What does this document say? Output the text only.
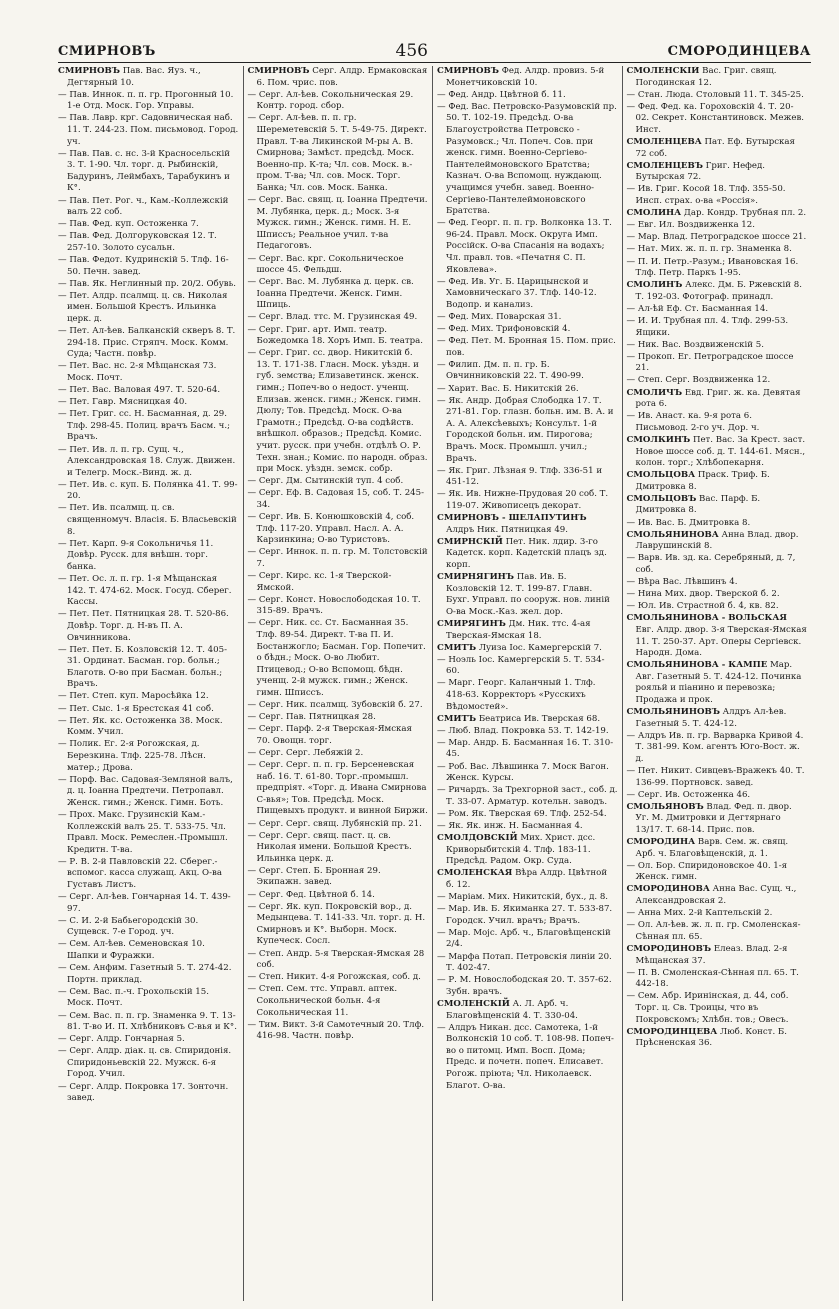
СМИРНОВЪ	456	СМОРОДИНЦЕВА
СМИРНОВЪ Пав. Вас. Яуз. ч., Дегтярный 10.
— Пав. Иннок. п. п. гр. Прогонный 10. 1-е Отд. Моск. Гор. Управы.
— Пав. Лавр. крг. Садовническая наб. 11. Т. 244-23. Пом. письмовод. Город. уч.
— Пав. Пав. с. нс. 3-й Красносельскій 3. Т. 1-90. Чл. торг. д. Рыбинскій, Бадуринъ, Леймбахъ, Тарабукинъ и К°.
— Пав. Пет. Рог. ч., Кам.-Коллежскій валъ 22 соб.
— Пав. Фед. куп. Остоженка 7.
— Пав. Фед. Долгоруковская 12. Т. 257-10. Золото сусальн.
— Пав. Федот. Кудринскій 5. Тлф. 16-50. Печн. завед.
— Пав. Як. Неглинный пр. 20/2. Обувь.
— Пет. Алдр. псалмщ. ц. св. Николая имен. Большой Крестъ. Ильинка церк. д.
— Пет. Ал-ѣев. Балканскій скверъ 8. Т. 294-18. Прис. Стряпч. Моск. Комм. Суда; Частн. повѣр.
— Пет. Вас. нс. 2-я Мѣщанская 73. Моск. Почт.
— Пет. Вас. Валовая 497. Т. 520-64.
— Пет. Гавр. Мясницкая 40.
— Пет. Григ. сс. Н. Басманная, д. 29. Тлф. 298-45. Полиц. врачъ Басм. ч.; Врачъ.
— Пет. Ив. л. п. гр. Сущ. ч., Александровская 18. Служ. Движен. и Телегр. Моск.-Винд. ж. д.
— Пет. Ив. с. куп. Б. Полянка 41. Т. 99-20.
— Пет. Ив. псалмщ. ц. св. священномуч. Власія. Б. Власьевскій 8.
— Пет. Карп. 9-я Сокольничья 11. Довѣр. Русск. для внѣшн. торг. банка.
— Пет. Ос. л. п. гр. 1-я Мѣщанская 142. Т. 474-62. Моск. Госуд. Сберег. Кассы.
— Пет. Пет. Пятницкая 28. Т. 520-86. Довѣр. Торг. д. Н-въ П. А. Овчинникова.
— Пет. Пет. Б. Козловскій 12. Т. 405-31. Ординат. Басман. гор. больн.; Благотв. О-во при Басман. больн.; Врачъ.
— Пет. Степ. куп. Маросѣйка 12.
— Пет. Сыс. 1-я Брестская 41 соб.
— Пет. Як. кс. Остоженка 38. Моск. Комм. Учил.
— Полик. Ег. 2-я Рогожская, д. Березкина. Тлф. 225-78. Лѣсн. матер.; Дрова.
— Порф. Вас. Садовая-Земляной валъ, д. ц. Іоанна Предтечи. Петропавл. Женск. гимн.; Женск. Гимн. Боть.
— Прох. Макс. Грузинскій Кам.-Коллежскій валъ 25. Т. 533-75. Чл. Правл. Моск. Ремеслен.-Промышл. Кредитн. Т-ва.
— Р. В. 2-й Павловскій 22. Сберег.-вспомог. касса служащ. Акц. О-ва Густавъ Листъ.
— Серг. Ал-ѣев. Гончарная 14. Т. 439-97.
— С. И. 2-й Бабьегородскій 30. Сущевск. 7-е Город. уч.
— Сем. Ал-ѣев. Семеновская 10. Шапки и Фуражки.
— Сем. Анфим. Газетный 5. Т. 274-42. Портн. приклад.
— Сем. Вас. п.-ч. Грохольскій 15. Моск. Почт.
— Сем. Вас. п. п. гр. Знаменка 9. Т. 13-81. Т-во И. П. Хлѣбниковъ С-вья и К°.
— Серг. Алдр. Гончарная 5.
— Серг. Алдр. діак. ц. св. Спиридонія. Спиридоньевскій 22. Мужск. 6-я Город. Учил.
— Серг. Алдр. Покровка 17. Зонточн. завед.
СМИРНОВЪ Серг. Алдр. Ермаковская 6. Пом. чрис. пов.
— Серг. Ал-ѣев. Сокольническая 29. Контр. город. сбор.
— Серг. Ал-ѣев. п. п. гр. Шереметевскій 5. Т. 5-49-75. Директ. Правл. Т-ва Ликинской М-ры А. В. Смирнова; Замѣст. предсѣд. Моск. Военно-пр. К-та; Чл. сов. Моск. в.-пром. Т-ва; Чл. сов. Моск. Торг. Банка; Чл. сов. Моск. Банка.
— Серг. Вас. свящ. ц. Іоанна Предтечи. М. Лубянка, церк. д.; Моск. 3-я Мужск. гимн.; Женск. гимн. Н. Е. Шписсъ; Реальное учил. т-ва Педагоговъ.
— Серг. Вас. крг. Сокольническое шоссе 45. Фельдш.
— Серг. Вас. М. Лубянка д. церк. св. Іоанна Предтечи. Женск. Гимн. Шпиць.
— Серг. Влад. ттс. М. Грузинская 49.
— Серг. Григ. арт. Имп. театр. Божедомка 18. Хоръ Имп. Б. театра.
— Серг. Григ. сс. двор. Никитскій б. 13. Т. 171-38. Гласн. Моск. уѣздн. и губ. земства; Елизаветинск. женск. гимн.; Попеч-во о недост. ученщ. Елизав. женск. гимн.; Женск. гимн. Дюлу; Тов. Предсѣд. Моск. О-ва Грамотн.; Предсѣд. О-ва содѣйств. внѣшкол. образов.; Предсѣд. Комис. учит. русск. при учебн. отдѣлѣ О. Р. Техн. знан.; Комис. по народн. образ. при Моск. уѣздн. земск. собр.
— Серг. Дм. Сытинскій туп. 4 соб.
— Серг. Еф. В. Садовая 15, соб. Т. 245-34.
— Серг. Ив. Б. Конюшковскій 4, соб. Тлф. 117-20. Управл. Насл. А. А. Карзинкина; О-во Туристовъ.
— Серг. Иннок. п. п. гр. М. Толстовскій 7.
— Серг. Кирс. кс. 1-я Тверской-Ямской.
— Серг. Конст. Новослободская 10. Т. 315-89. Врачъ.
— Серг. Ник. сс. Ст. Басманная 35. Тлф. 89-54. Директ. Т-ва П. И. Бостанжогло; Басман. Гор. Попечит. о бѣдн.; Моск. О-во Любит. Птицевод.; О-во Вспомощ. бѣдн. ученщ. 2-й мужск. гимн.; Женск. гимн. Шписсъ.
— Серг. Ник. псалмщ. Зубовскій б. 27.
— Серг. Пав. Пятницкая 28.
— Серг. Парф. 2-я Тверская-Ямская 70. Овощн. торг.
— Серг. Серг. Лебяжій 2.
— Серг. Серг. п. п. гр. Берсеневская наб. 16. Т. 61-80. Торг.-промышл. предпріят. «Торг. д. Ивана Смирнова С-вья»; Тов. Предсѣд. Моск. Пищевыхъ продукт. и винной Биржи.
— Серг. Серг. свящ. Лубянскій пр. 21.
— Серг. Серг. свящ. паст. ц. св. Николая имени. Большой Крестъ. Ильинка церк. д.
— Серг. Степ. Б. Бронная 29. Экипажн. завед.
— Серг. Фед. Цвѣтной б. 14.
— Серг. Як. куп. Покровскій вор., д. Медынцева. Т. 141-33. Чл. торг. д. Н. Смирновъ и К°. Выборн. Моск. Купеческ. Сосл.
— Степ. Андр. 5-я Тверская-Ямская 28 соб.
— Степ. Никит. 4-я Рогожская, соб. д.
— Степ. Сем. ттс. Управл. аптек. Сокольнической больн. 4-я Сокольническая 11.
— Тим. Викт. 3-й Самотечный 20. Тлф. 416-98. Частн. повѣр.
СМИРНОВЪ Фед. Алдр. провиз. 5-й Монетчиковскій 10.
— Фед. Андр. Цвѣтной б. 11.
— Фед. Вас. Петровско-Разумовскій пр. 50. Т. 102-19. Предсѣд. О-ва Благоустройства Петровско - Разумовск.; Чл. Попеч. Сов. при женск. гимн. Военно-Сергіево-Пантелеймоновского Братства; Казнач. О-ва Вспомощ. нуждающ. учащимся учебн. завед. Военно-Сергіево-Пантелеймоновского Братства.
— Фед. Георг. п. п. гр. Волконка 13. Т. 96-24. Правл. Моск. Округа Имп. Россійск. О-ва Спасанія на водахъ; Чл. правл. тов. «Печатня С. П. Яковлева».
— Фед. Ив. Уг. Б. Царицынской и Хамовническаго 37. Тлф. 140-12. Водопр. и канализ.
— Фед. Мих. Поварская 31.
— Фед. Мих. Трифоновскій 4.
— Фед. Пет. М. Бронная 15. Пом. прис. пов.
— Филип. Дм. п. п. гр. Б. Овчинниковскій 22. Т. 490-99.
— Харит. Вас. Б. Никитскій 26.
— Як. Андр. Добрая Слободка 17. Т. 271-81. Гор. глазн. больн. им. В. А. и А. А. Алексѣевыхъ; Консульт. 1-й Городской больн. им. Пирогова; Врачъ. Моск. Промышл. учил.; Врачъ.
— Як. Григ. Лѣзная 9. Тлф. 336-51 и 451-12.
— Як. Ив. Нижне-Прудовая 20 соб. Т. 119-07. Живописецъ декорат.
СМИРНОВЪ - ШЕЛАПУТИНЪ Алдръ Ник. Пятницкая 49.
СМИРНСКІЙ Пет. Ник. лдир. 3-го Кадетск. корп. Кадетскій плацъ зд. корп.
СМИРНЯГИНЪ Пав. Ив. Б. Козловскій 12. Т. 199-87. Главн. Бухг. Управл. по сооруж. нов. линій О-ва Моск.-Каз. жел. дор.
СМИРЯГИНЪ Дм. Ник. ттс. 4-ая Тверская-Ямская 18.
СМИТЪ Луиза Іос. Камергерскій 7.
— Ноэль Іос. Камергерскій 5. Т. 534-60.
— Марг. Георг. Каланчный 1. Тлф. 418-63. Корректоръ «Русскихъ Вѣдомостей».
СМИТЪ Беатриса Ив. Тверская 68.
— Люб. Влад. Покровка 53. Т. 142-19.
— Мар. Андр. Б. Басманная 16. Т. 310-45.
— Роб. Вас. Лѣвшинка 7. Моск Вагон. Женск. Курсы.
— Ричардъ. За Трехгорной заст., соб. д. Т. 33-07. Арматур. котельн. заводъ.
— Ром. Як. Тверская 69. Тлф. 252-54.
— Як. Як. инж. Н. Басманная 4.
СМОЛДОВСКІЙ Мих. Христ. дсс. Криворыбитскій 4. Тлф. 183-11. Предсѣд. Радом. Окр. Суда.
СМОЛЕНСКАЯ Вѣра Алдр. Цвѣтной б. 12.
— Маріам. Мих. Никитскій, бух., д. 8.
— Мар. Ив. Б. Якиманка 27. Т. 533-87. Городск. Учил. врачъ; Врачъ.
— Мар. Мојс. Арб. ч., Благовѣщенскій 2/4.
— Марфа Потап. Петровскія линіи 20. Т. 402-47.
— Р. М. Новослободская 20. Т. 357-62. Зубн. врачъ.
СМОЛЕНСКІЙ А. Л. Арб. ч. Благовѣщенскій 4. Т. 330-04.
— Алдръ Никан. дсс. Самотека, 1-й Волконскій 10 соб. Т. 108-98. Попеч-во о питомц. Имп. Восп. Дома; Предс. и почетн. попеч. Елисавет. Рогож. пріюта; Чл. Николаевск. Благот. О-ва.
СМОЛЕНСКІЙ Вас. Григ. свящ. Погодинская 12.
— Стан. Люда. Столовый 11. Т. 345-25.
— Фед. Фед. ка. Гороховскій 4. Т. 20-02. Секрет. Константиновск. Межев. Инст.
СМОЛЕНЦЕВА Пат. Еф. Бутырская 72 соб.
СМОЛЕНЦЕВЪ Григ. Нефед. Бутырская 72.
— Ив. Григ. Косой 18. Тлф. 355-50. Инсп. страх. о-ва «Россія».
СМОЛИНА Дар. Кондр. Трубная пл. 2.
— Евг. Ил. Воздвиженка 12.
— Мар. Влад. Петроградское шоссе 21.
— Нат. Мих. ж. п. п. гр. Знаменка 8.
— П. И. Петр.-Разум.; Ивановская 16. Тлф. Петр. Паркъ 1-95.
СМОЛИНЪ Алекс. Дм. Б. Ржевскій 8. Т. 192-03. Фотограф. принадл.
— Ал-ѣй Еф. Ст. Басманная 14.
— И. И. Трубная пл. 4. Тлф. 299-53. Ящики.
— Ник. Вас. Воздвиженскій 5.
— Прокоп. Ег. Петроградское шоссе 21.
— Степ. Серг. Воздвиженка 12.
СМОЛИЧЪ Евд. Григ. ж. ка. Девятая рота 6.
— Ив. Анаст. ка. 9-я рота 6. Письмовод. 2-го уч. Дор. ч.
СМОЛКИНЪ Пет. Вас. За Крест. заст. Новое шоссе соб. д. Т. 144-61. Мясн., колон. торг.; Хлѣбопекарня.
СМОЛЬЦОВА Праск. Триф. Б. Дмитровка 8.
СМОЛЬЦОВЪ Вас. Парф. Б. Дмитровка 8.
— Ив. Вас. Б. Дмитровка 8.
СМОЛЬЯНИНОВА Анна Влад. двор. Лаврушинскій 8.
— Варв. Ив. зд. ка. Серебряный, д. 7, соб.
— Вѣра Вас. Лѣвшинъ 4.
— Нина Мих. двор. Тверской б. 2.
— Юл. Ив. Страстной б. 4, кв. 82.
СМОЛЬЯНИНОВА - ВОЛЬСКАЯ Евг. Алдр. двор. 3-я Тверская-Ямская 11. Т. 250-37. Арт. Оперы Сергіевск. Народн. Дома.
СМОЛЬЯНИНОВА - КАМПЕ Мар. Авг. Газетный 5. Т. 424-12. Починка рояльй и піанино и перевозка; Продажа и прок.
СМОЛЬЯНИНОВЪ Алдръ Ал-ѣев. Газетный 5. Т. 424-12.
— Алдръ Ив. п. гр. Варварка Кривой 4. Т. 381-99. Ком. агентъ Юго-Вост. ж. д.
— Пет. Никит. Сивцевъ-Вражекъ 40. Т. 136-99. Портновск. завед.
— Серг. Ив. Остоженка 46.
СМОЛЬЯНОВЪ Влад. Фед. п. двор. Уг. М. Дмитровки и Дегтярнаго 13/17. Т. 68-14. Прис. пов.
СМОРОДИНА Варв. Сем. ж. свящ. Арб. ч. Благовѣщенскій, д. 1.
— Ол. Бор. Спиридоновское 40. 1-я Женск. гимн.
СМОРОДИНОВА Анна Вас. Сущ. ч., Александровская 2.
— Анна Мих. 2-й Каптельскій 2.
— Ол. Ал-ѣев. ж. л. п. гр. Смоленская-Сѣнная пл. 65.
СМОРОДИНОВЪ Елеаз. Влад. 2-я Мѣщанская 37.
— П. В. Смоленская-Сѣнная пл. 65. Т. 442-18.
— Сем. Абр. Иринінская, д. 44, соб. Торг. ц. Св. Троицы, что въ Покровскомъ; Хлѣбн. тов.; Овесъ.
СМОРОДИНЦЕВА Люб. Конст. Б. Прѣсненская 36.
